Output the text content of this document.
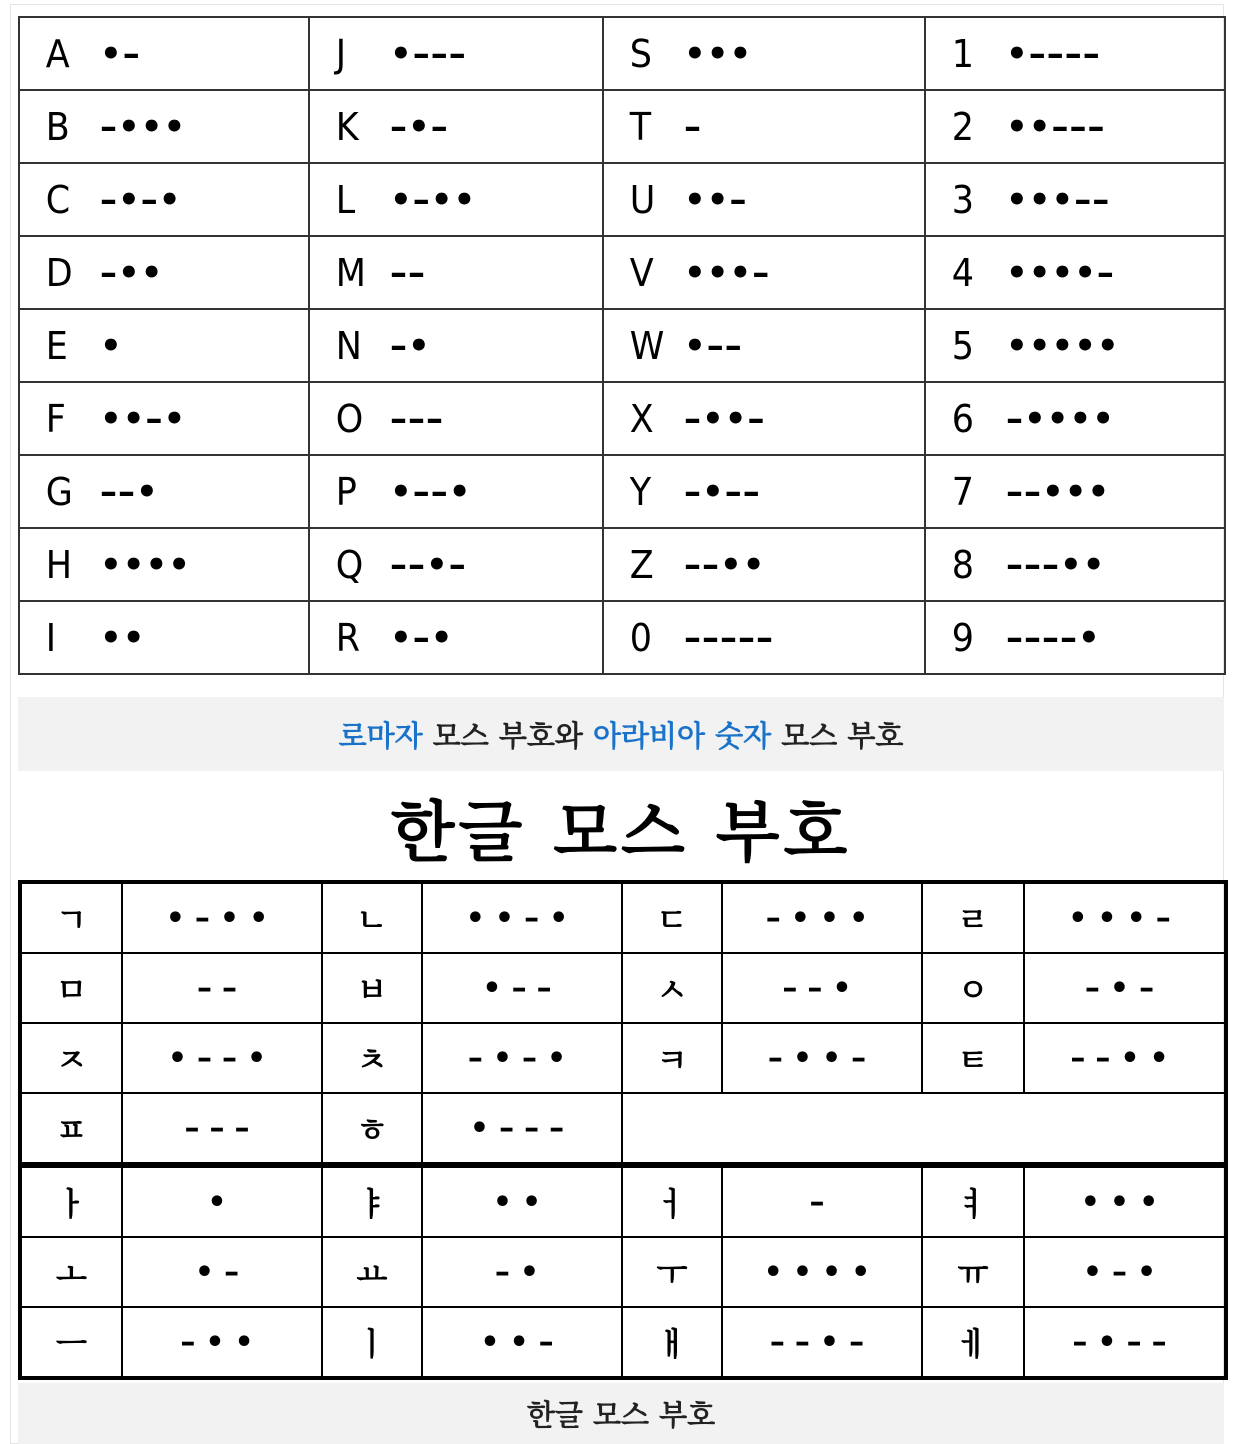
A •–	J •–––	S •••	1 •––––

B –•••	K –•–	T –	2 ••–––

C –•–•	L •–••	U ••–	3 •••––

D –••	M ––	V •••–	4 ••••–

E •	N –•	W •––	5 •••••

F ••–•	O –––	X –••–	6 –••••

G ––•	P •––•	Y –•––	7 ––•••

H ••••	Q ––•–	Z ––••	8 –––••

I ••	R •–•	0 –––––	9 ––––•
로마자 모스 부호와 아라비아 숫자 모스 부호
한글 모스 부호
ㄱ	•–••	ㄴ	••–•	ㄷ	–•••	ㄹ	•••–
ㅁ	––	ㅂ	•––	ㅅ	––•	ㅇ	–•–
ㅈ	•––•	ㅊ	–•–•	ㅋ	–••–	ㅌ	––••
ㅍ	–––	ㅎ	•–––				
ㅏ	•	ㅑ	••	ㅓ	–	ㅕ	•••
ㅗ	•–	ㅛ	–•	ㅜ	••••	ㅠ	•–•
ㅡ	–••	ㅣ	••–	ㅐ	––•–	ㅔ	–•––
한글 모스 부호
